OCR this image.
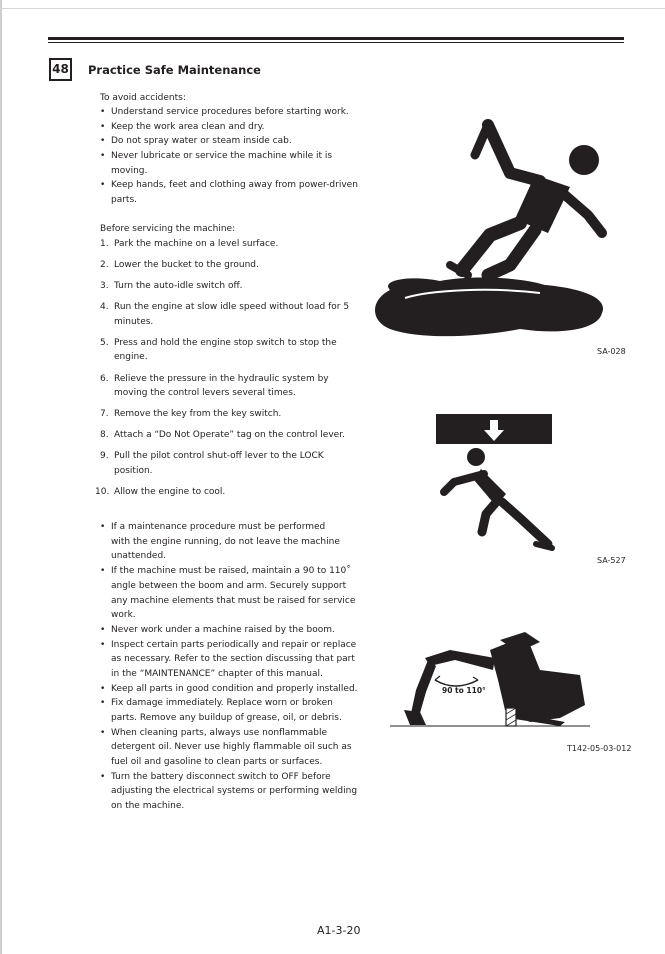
48 Practice Safe Maintenance
To avoid accidents:
• Understand service procedures before starting work.
• Keep the work area clean and dry.
• Do not spray water or steam inside cab.
• Never lubricate or service the machine while it is
moving.
• Keep hands, feet and clothing away from power-driven
parts.
Before servicing the machine:
1. Park the machine on a level surface.
2. Lower the bucket to the ground.
3. Turn the auto-idle switch off.
4. Run the engine at slow idle speed without load for 5
minutes.
5. Press and hold the engine stop switch to stop the
engine.
6. Relieve the pressure in the hydraulic system by
moving the control levers several times.
7. Remove the key from the key switch.
8. Attach a “Do Not Operate” tag on the control lever.
9. Pull the pilot control shut-off lever to the LOCK
position.
10. Allow the engine to cool.
• If a maintenance procedure must be performed
with the engine running, do not leave the machine
unattended.
• If the machine must be raised, maintain a 90 to 110˚
angle between the boom and arm. Securely support
any machine elements that must be raised for service
work.
• Never work under a machine raised by the boom.
• Inspect certain parts periodically and repair or replace
as necessary. Refer to the section discussing that part
in the “MAINTENANCE” chapter of this manual.
• Keep all parts in good condition and properly installed.
• Fix damage immediately. Replace worn or broken
parts. Remove any buildup of grease, oil, or debris.
• When cleaning parts, always use nonflammable
detergent oil. Never use highly flammable oil such as
fuel oil and gasoline to clean parts or surfaces.
• Turn the battery disconnect switch to OFF before
adjusting the electrical systems or performing welding
on the machine.
SA-028
SA-527
90 to 110°
T142-05-03-012
A1-3-20
